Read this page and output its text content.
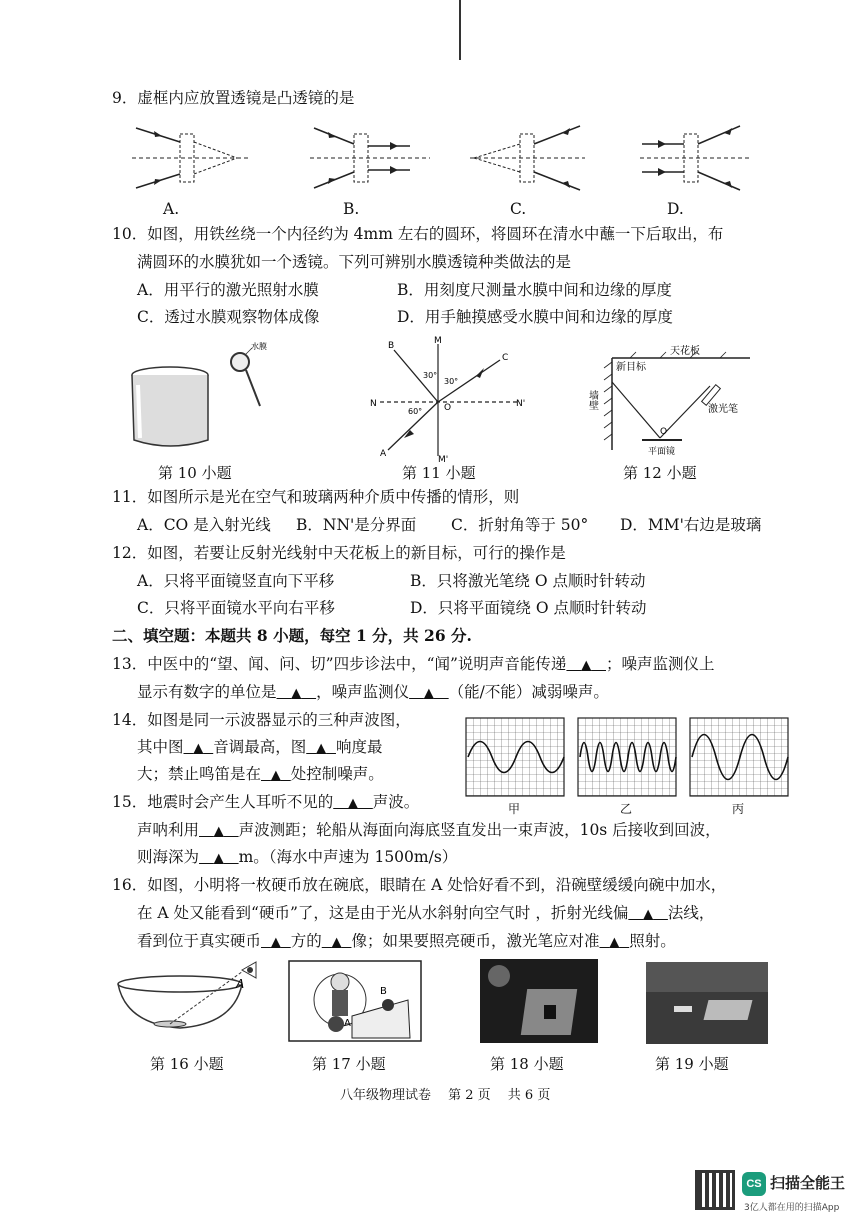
9．虚框内应放置透镜是凸透镜的是
A.	B.	C.	D.
10．如图，用铁丝绕一个内径约为 4mm 左右的圆环，将圆环在清水中蘸一下后取出，布
满圆环的水膜犹如一个透镜。下列可辨别水膜透镜种类做法的是
A．用平行的激光照射水膜	B．用刻度尺测量水膜中间和边缘的厚度
C．透过水膜观察物体成像	D．用手触摸感受水膜中间和边缘的厚度
水膜
第 10 小题
B	M
C
N	O	N'
A
M'
30°
30°
60°
第 11 小题
天花板
新目标
墙壁	激光笔
O
平面镜
第 12 小题
11．如图所示是光在空气和玻璃两种介质中传播的情形，则
A．CO 是入射光线 B．NN'是分界面 C．折射角等于 50° D．MM'右边是玻璃
12．如图，若要让反射光线射中天花板上的新目标，可行的操作是
A．只将平面镜竖直向下平移	B．只将激光笔绕 O 点顺时针转动
C．只将平面镜水平向右平移	D．只将平面镜绕 O 点顺时针转动
二、填空题：本题共 8 小题，每空 1 分，共 26 分.
13．中医中的“望、闻、问、切”四步诊法中，“闻”说明声音能传递 ▲ ；噪声监测仪上
显示有数字的单位是 ▲ ，噪声监测仪 ▲ （能/不能）减弱噪声。
14．如图是同一示波器显示的三种声波图，
其中图 ▲ 音调最高，图 ▲ 响度最
大；禁止鸣笛是在 ▲ 处控制噪声。
甲	乙	丙
15．地震时会产生人耳听不见的 ▲ 声波。
声呐利用 ▲ 声波测距；轮船从海面向海底竖直发出一束声波，10s 后接收到回波，
则海深为 ▲ m。（海水中声速为 1500m/s）
16．如图，小明将一枚硬币放在碗底，眼睛在 A 处恰好看不到，沿碗壁缓缓向碗中加水，
在 A 处又能看到“硬币”了，这是由于光从水斜射向空气时 ，折射光线偏 ▲ 法线，
看到位于真实硬币 ▲ 方的 ▲ 像；如果要照亮硬币，激光笔应对准 ▲ 照射。
A
第 16 小题
A
B
第 17 小题	第 18 小题	第 19 小题
八年级物理试卷　 第 2 页　 共 6 页
CS 扫描全能王
3亿人都在用的扫描App
